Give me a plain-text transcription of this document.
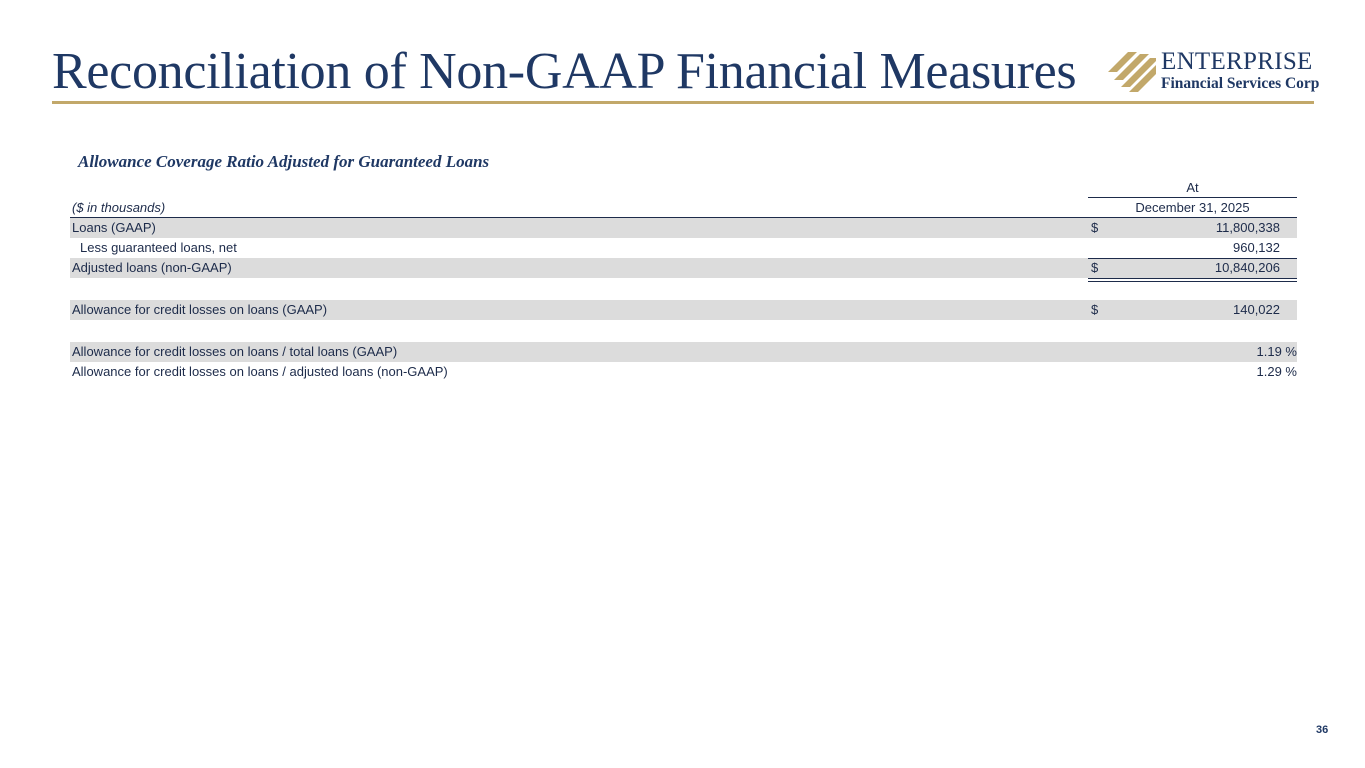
Reconciliation of Non-GAAP Financial Measures	ENTERPRISE
Financial Services Corp
Allowance Coverage Ratio Adjusted for Guaranteed Loans
At
($ in thousands)	December 31, 2025
Loans (GAAP)	$	11,800,338
Less guaranteed loans, net	960,132
Adjusted loans (non-GAAP)	$	10,840,206
Allowance for credit losses on loans (GAAP)	$	140,022
Allowance for credit losses on loans / total loans (GAAP)	1.19 %
Allowance for credit losses on loans / adjusted loans (non-GAAP)	1.29 %
36
